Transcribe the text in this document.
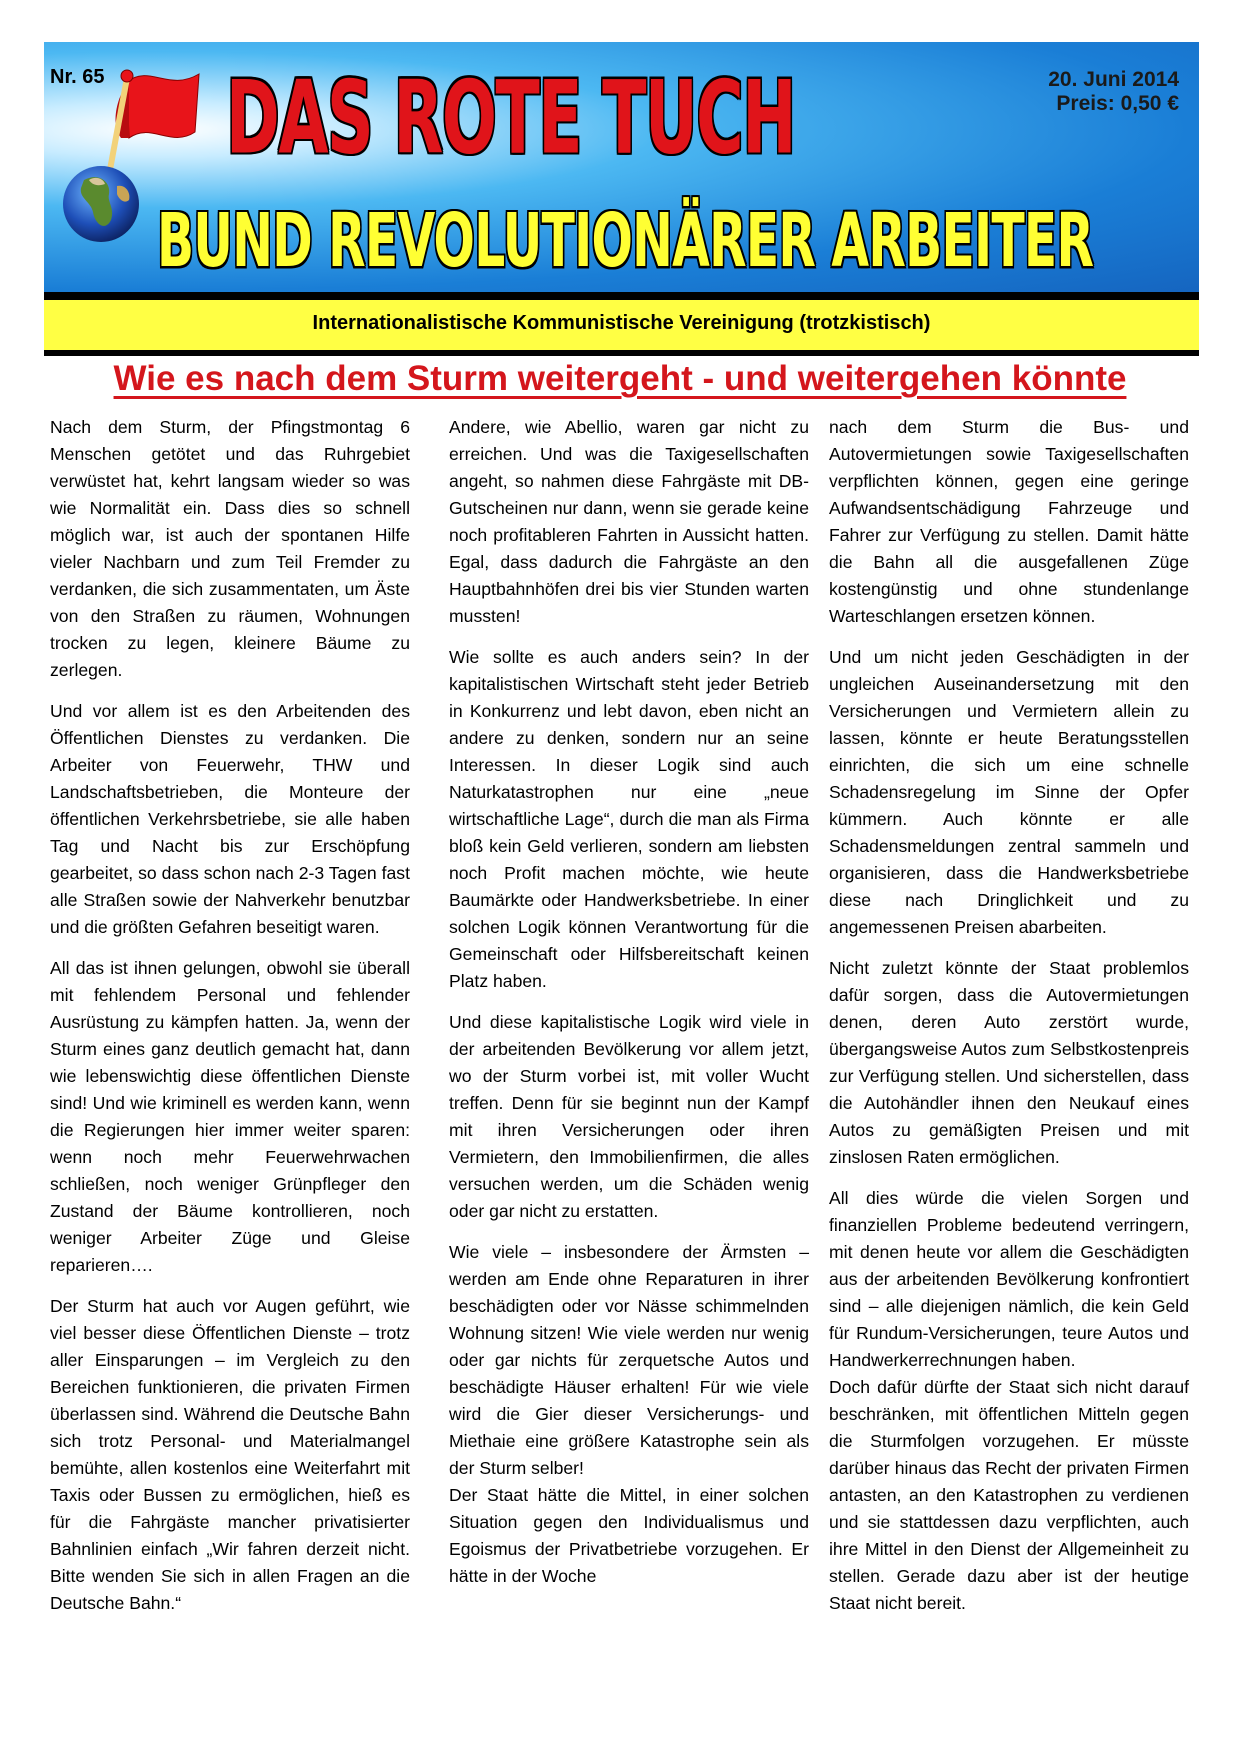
Nr. 65 DAS ROTE TUCH
BUND REVOLUTIONÄRER ARBEITER
20. Juni 2014
Preis: 0,50 €
Internationalistische Kommunistische Vereinigung (trotzkistisch)
Wie es nach dem Sturm weitergeht - und weitergehen könnte

Nach dem Sturm, der Pfingstmontag 6 Menschen getötet und das Ruhrgebiet verwüstet hat, kehrt langsam wieder so was wie Normalität ein. Dass dies so schnell möglich war, ist auch der spontanen Hilfe vieler Nachbarn und zum Teil Fremder zu verdanken, die sich zusammentaten, um Äste von den Straßen zu räumen, Wohnungen trocken zu legen, kleinere Bäume zu zerlegen.

Und vor allem ist es den Arbeitenden des Öffentlichen Dienstes zu verdanken. Die Arbeiter von Feuerwehr, THW und Landschaftsbetrieben, die Monteure der öffentlichen Verkehrsbetriebe, sie alle haben Tag und Nacht bis zur Erschöpfung gearbeitet, so dass schon nach 2-3 Tagen fast alle Straßen sowie der Nahverkehr benutzbar und die größten Gefahren beseitigt waren.

All das ist ihnen gelungen, obwohl sie überall mit fehlendem Personal und fehlender Ausrüstung zu kämpfen hatten. Ja, wenn der Sturm eines ganz deutlich gemacht hat, dann wie lebenswichtig diese öffentlichen Dienste sind! Und wie kriminell es werden kann, wenn die Regierungen hier immer weiter sparen: wenn noch mehr Feuerwehrwachen schließen, noch weniger Grünpfleger den Zustand der Bäume kontrollieren, noch weniger Arbeiter Züge und Gleise reparieren….

Der Sturm hat auch vor Augen geführt, wie viel besser diese Öffentlichen Dienste – trotz aller Einsparungen – im Vergleich zu den Bereichen funktionieren, die privaten Firmen überlassen sind. Während die Deutsche Bahn sich trotz Personal- und Materialmangel bemühte, allen kostenlos eine Weiterfahrt mit Taxis oder Bussen zu ermöglichen, hieß es für die Fahrgäste mancher privatisierter Bahnlinien einfach „Wir fahren derzeit nicht. Bitte wenden Sie sich in allen Fragen an die Deutsche Bahn.“

Andere, wie Abellio, waren gar nicht zu erreichen. Und was die Taxigesellschaften angeht, so nahmen diese Fahrgäste mit DB-Gutscheinen nur dann, wenn sie gerade keine noch profitableren Fahrten in Aussicht hatten. Egal, dass dadurch die Fahrgäste an den Hauptbahnhöfen drei bis vier Stunden warten mussten!

Wie sollte es auch anders sein? In der kapitalistischen Wirtschaft steht jeder Betrieb in Konkurrenz und lebt davon, eben nicht an andere zu denken, sondern nur an seine Interessen. In dieser Logik sind auch Naturkatastrophen nur eine „neue wirtschaftliche Lage“, durch die man als Firma bloß kein Geld verlieren, sondern am liebsten noch Profit machen möchte, wie heute Baumärkte oder Handwerksbetriebe. In einer solchen Logik können Verantwortung für die Gemeinschaft oder Hilfsbereitschaft keinen Platz haben.

Und diese kapitalistische Logik wird viele in der arbeitenden Bevölkerung vor allem jetzt, wo der Sturm vorbei ist, mit voller Wucht treffen. Denn für sie beginnt nun der Kampf mit ihren Versicherungen oder ihren Vermietern, den Immobilienfirmen, die alles versuchen werden, um die Schäden wenig oder gar nicht zu erstatten.

Wie viele – insbesondere der Ärmsten – werden am Ende ohne Reparaturen in ihrer beschädigten oder vor Nässe schimmelnden Wohnung sitzen! Wie viele werden nur wenig oder gar nichts für zerquetsche Autos und beschädigte Häuser erhalten! Für wie viele wird die Gier dieser Versicherungs- und Miethaie eine größere Katastrophe sein als der Sturm selber!

Der Staat hätte die Mittel, in einer solchen Situation gegen den Individualismus und Egoismus der Privatbetriebe vorzugehen. Er hätte in der Woche

nach dem Sturm die Bus- und Autovermietungen sowie Taxigesellschaften verpflichten können, gegen eine geringe Aufwandsentschädigung Fahrzeuge und Fahrer zur Verfügung zu stellen. Damit hätte die Bahn all die ausgefallenen Züge kostengünstig und ohne stundenlange Warteschlangen ersetzen können.

Und um nicht jeden Geschädigten in der ungleichen Auseinandersetzung mit den Versicherungen und Vermietern allein zu lassen, könnte er heute Beratungsstellen einrichten, die sich um eine schnelle Schadensregelung im Sinne der Opfer kümmern. Auch könnte er alle Schadensmeldungen zentral sammeln und organisieren, dass die Handwerksbetriebe diese nach Dringlichkeit und zu angemessenen Preisen abarbeiten.

Nicht zuletzt könnte der Staat problemlos dafür sorgen, dass die Autovermietungen denen, deren Auto zerstört wurde, übergangsweise Autos zum Selbstkostenpreis zur Verfügung stellen. Und sicherstellen, dass die Autohändler ihnen den Neukauf eines Autos zu gemäßigten Preisen und mit zinslosen Raten ermöglichen.

All dies würde die vielen Sorgen und finanziellen Probleme bedeutend verringern, mit denen heute vor allem die Geschädigten aus der arbeitenden Bevölkerung konfrontiert sind – alle diejenigen nämlich, die kein Geld für Rundum-Versicherungen, teure Autos und Handwerkerrechnungen haben.

Doch dafür dürfte der Staat sich nicht darauf beschränken, mit öffentlichen Mitteln gegen die Sturmfolgen vorzugehen. Er müsste darüber hinaus das Recht der privaten Firmen antasten, an den Katastrophen zu verdienen und sie stattdessen dazu verpflichten, auch ihre Mittel in den Dienst der Allgemeinheit zu stellen. Gerade dazu aber ist der heutige Staat nicht bereit.
